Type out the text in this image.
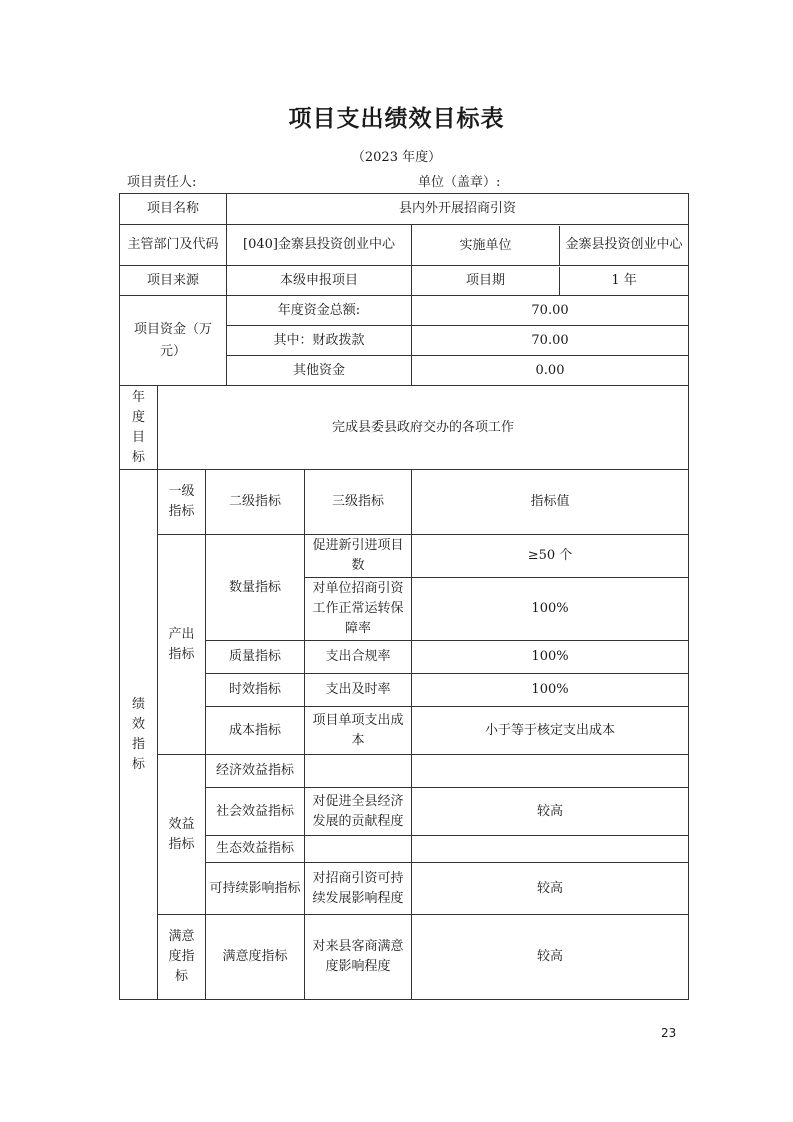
项目支出绩效目标表
（2023 年度）
项目责任人:	单位（盖章）:
项目名称			县内外开展招商引资		
主管部门及代码			[040]金寨县投资创业中心		实施单位 金寨县投资创业中心

项目来源			本级申报项目		项目期 1 年

项目资金（万元）			年度资金总额:		70.00
			其中：财政拨款		70.00
			其他资金		0.00
年度目标	完成县委县政府交办的各项工作				
绩效指标	一级指标	二级指标		三级指标	指标值

	产出指标	数量指标		促进新引进项目数	≥50 个
				对单位招商引资工作正常运转保障率	100%
		质量指标		支出合规率	100%
		时效指标		支出及时率	100%
		成本指标		项目单项支出成本	小于等于核定支出成本

	效益指标	经济效益指标			
		社会效益指标		对促进全县经济发展的贡献程度	较高
		生态效益指标			
		可持续影响指标		对招商引资可持续发展影响程度	较高

	满意度指标	满意度指标		对来县客商满意度影响程度	较高
23
